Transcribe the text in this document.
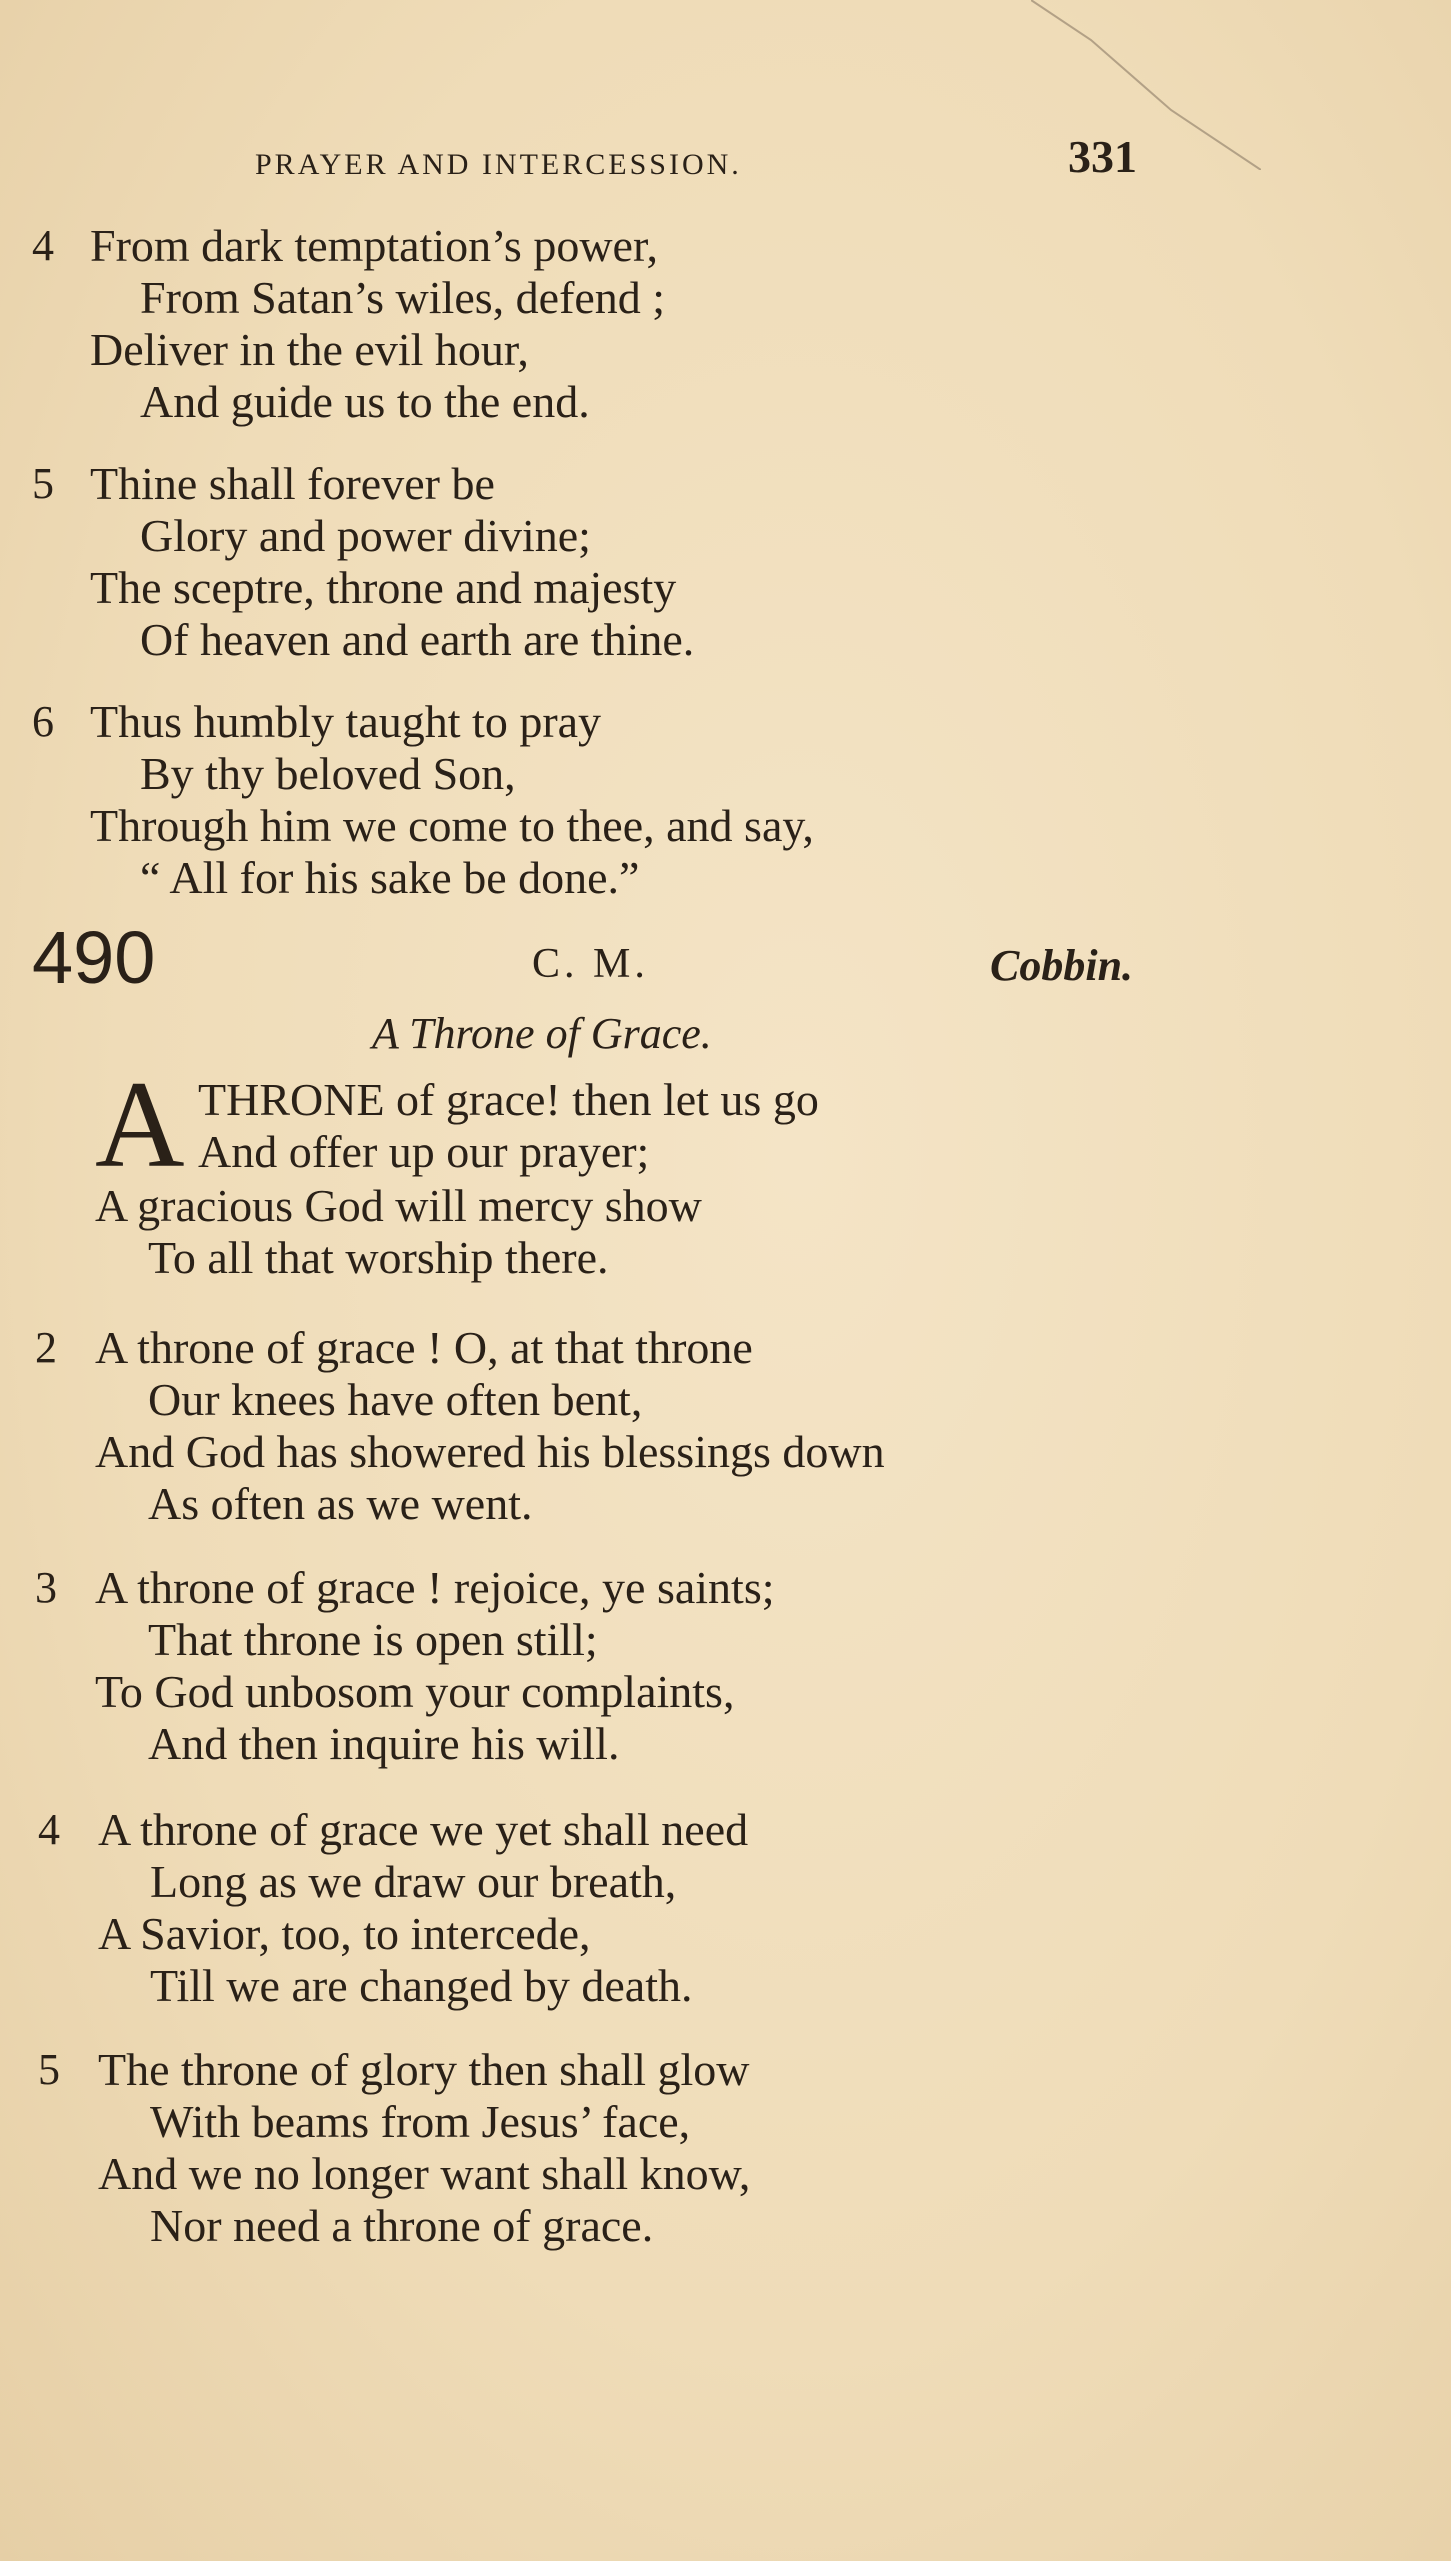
PRAYER AND INTERCESSION.	331
4 From dark temptation’s power,
From Satan’s wiles, defend ;
Deliver in the evil hour,
And guide us to the end.
5 Thine shall forever be
Glory and power divine;
The sceptre, throne and majesty
Of heaven and earth are thine.
6 Thus humbly taught to pray
By thy beloved Son,
Through him we come to thee, and say,
“ All for his sake be done.”
490	C. M.	Cobbin.
A Throne of Grace.
A THRONE of grace! then let us go
And offer up our prayer;
A gracious God will mercy show
To all that worship there.
2 A throne of grace ! O, at that throne
Our knees have often bent,
And God has showered his blessings down
As often as we went.
3 A throne of grace ! rejoice, ye saints;
That throne is open still;
To God unbosom your complaints,
And then inquire his will.
4 A throne of grace we yet shall need
Long as we draw our breath,
A Savior, too, to intercede,
Till we are changed by death.
5 The throne of glory then shall glow
With beams from Jesus’ face,
And we no longer want shall know,
Nor need a throne of grace.
